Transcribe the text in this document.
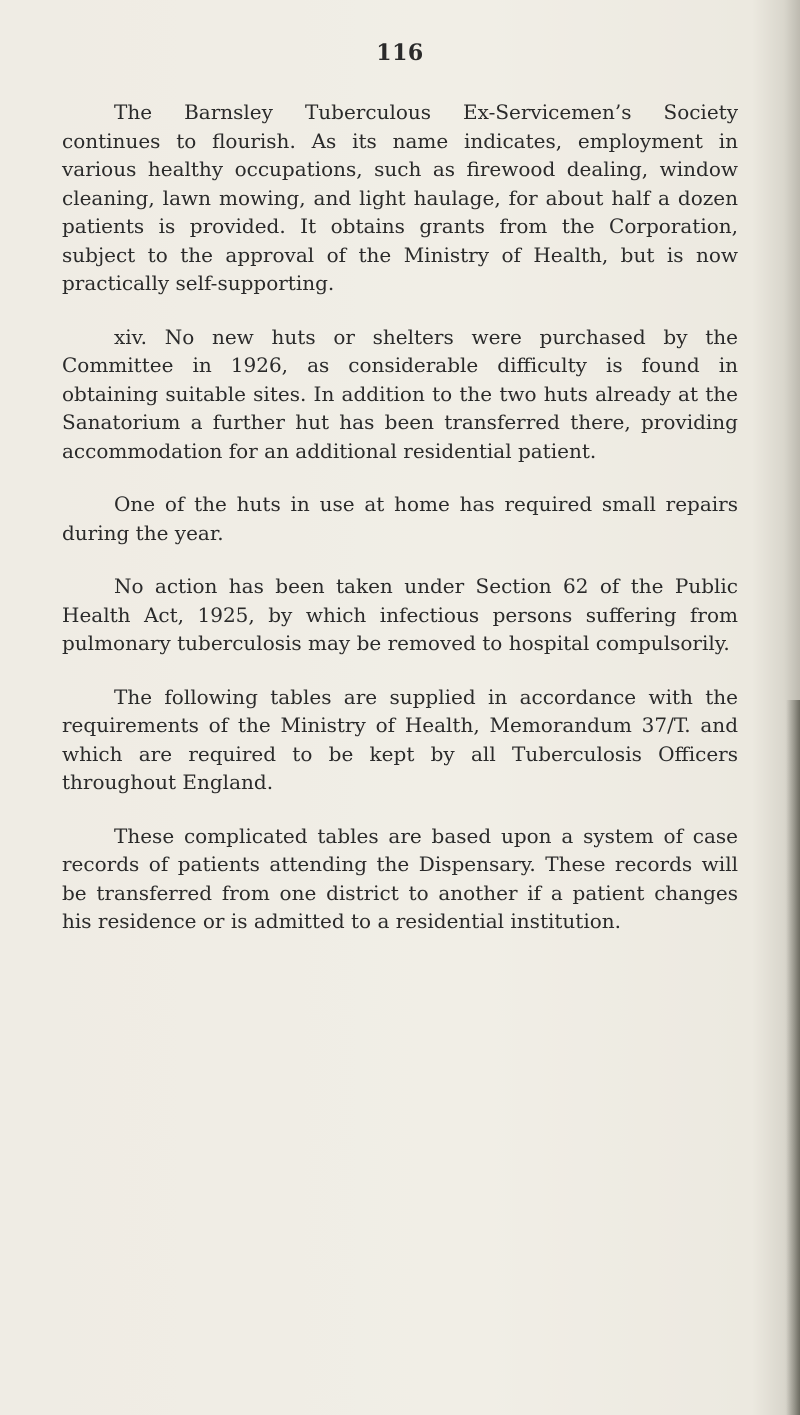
116

The Barnsley Tuberculous Ex-Servicemen’s Society continues to flourish. As its name indicates, employment in various healthy occupations, such as firewood dealing, window cleaning, lawn mowing, and light haulage, for about half a dozen patients is provided. It obtains grants from the Corporation, subject to the approval of the Ministry of Health, but is now practically self-supporting.

xiv. No new huts or shelters were purchased by the Committee in 1926, as considerable difficulty is found in obtaining suitable sites. In addition to the two huts already at the Sanatorium a further hut has been transferred there, providing accommodation for an additional residential patient.

One of the huts in use at home has required small repairs during the year.

No action has been taken under Section 62 of the Public Health Act, 1925, by which infectious persons suffering from pulmonary tuberculosis may be removed to hospital compulsorily.

The following tables are supplied in accordance with the requirements of the Ministry of Health, Memorandum 37/T. and which are required to be kept by all Tuberculosis Officers throughout England.

These complicated tables are based upon a system of case records of patients attending the Dispensary. These records will be transferred from one district to another if a patient changes his residence or is admitted to a residential institution.
